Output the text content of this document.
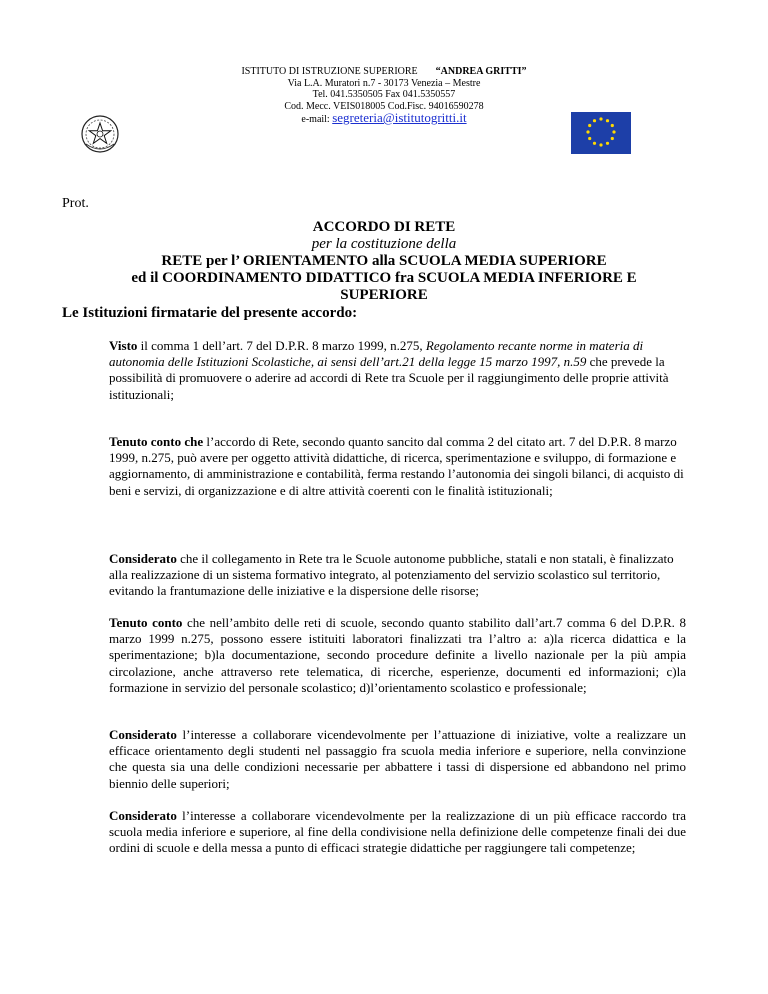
ISTITUTO DI ISTRUZIONE SUPERIORE “ANDREA GRITTI”
Via L.A. Muratori n.7 - 30173 Venezia – Mestre
Tel. 041.5350505 Fax 041.5350557
Cod. Mecc. VEIS018005 Cod.Fisc. 94016590278
e-mail: segreteria@istitutogritti.it
Prot.
ACCORDO DI RETE
per la costituzione della
RETE per l’ ORIENTAMENTO alla SCUOLA MEDIA SUPERIORE
ed il COORDINAMENTO DIDATTICO fra SCUOLA MEDIA INFERIORE E
SUPERIORE
Le Istituzioni firmatarie del presente accordo:
Visto il comma 1 dell’art. 7 del D.P.R. 8 marzo 1999, n.275, Regolamento recante norme in materia di autonomia delle Istituzioni Scolastiche, ai sensi dell’art.21 della legge 15 marzo 1997, n.59 che prevede la possibilità di promuovere o aderire ad accordi di Rete tra Scuole per il raggiungimento delle proprie attività istituzionali;
Tenuto conto che l’accordo di Rete, secondo quanto sancito dal comma 2 del citato art. 7 del D.P.R. 8 marzo 1999, n.275, può avere per oggetto attività didattiche, di ricerca, sperimentazione e sviluppo, di formazione e aggiornamento, di amministrazione e contabilità, ferma restando l’autonomia dei singoli bilanci, di acquisto di beni e servizi, di organizzazione e di altre attività coerenti con le finalità istituzionali;
Considerato che il collegamento in Rete tra le Scuole autonome pubbliche, statali e non statali, è finalizzato alla realizzazione di un sistema formativo integrato, al potenziamento del servizio scolastico sul territorio, evitando la frantumazione delle iniziative e la dispersione delle risorse;
Tenuto conto che nell’ambito delle reti di scuole, secondo quanto stabilito dall’art.7 comma 6 del D.P.R. 8 marzo 1999 n.275, possono essere istituiti laboratori finalizzati tra l’altro a: a)la ricerca didattica e la sperimentazione; b)la documentazione, secondo procedure definite a livello nazionale per la più ampia circolazione, anche attraverso rete telematica, di ricerche, esperienze, documenti ed informazioni; c)la formazione in servizio del personale scolastico; d)l’orientamento scolastico e professionale;
Considerato l’interesse a collaborare vicendevolmente per l’attuazione di iniziative, volte a realizzare un efficace orientamento degli studenti nel passaggio fra scuola media inferiore e superiore, nella convinzione che questa sia una delle condizioni necessarie per abbattere i tassi di dispersione ed abbandono nel primo biennio delle superiori;
Considerato l’interesse a collaborare vicendevolmente per la realizzazione di un più efficace raccordo tra scuola media inferiore e superiore, al fine della condivisione nella definizione delle competenze finali dei due ordini di scuole e della messa a punto di efficaci strategie didattiche per raggiungere tali competenze;
